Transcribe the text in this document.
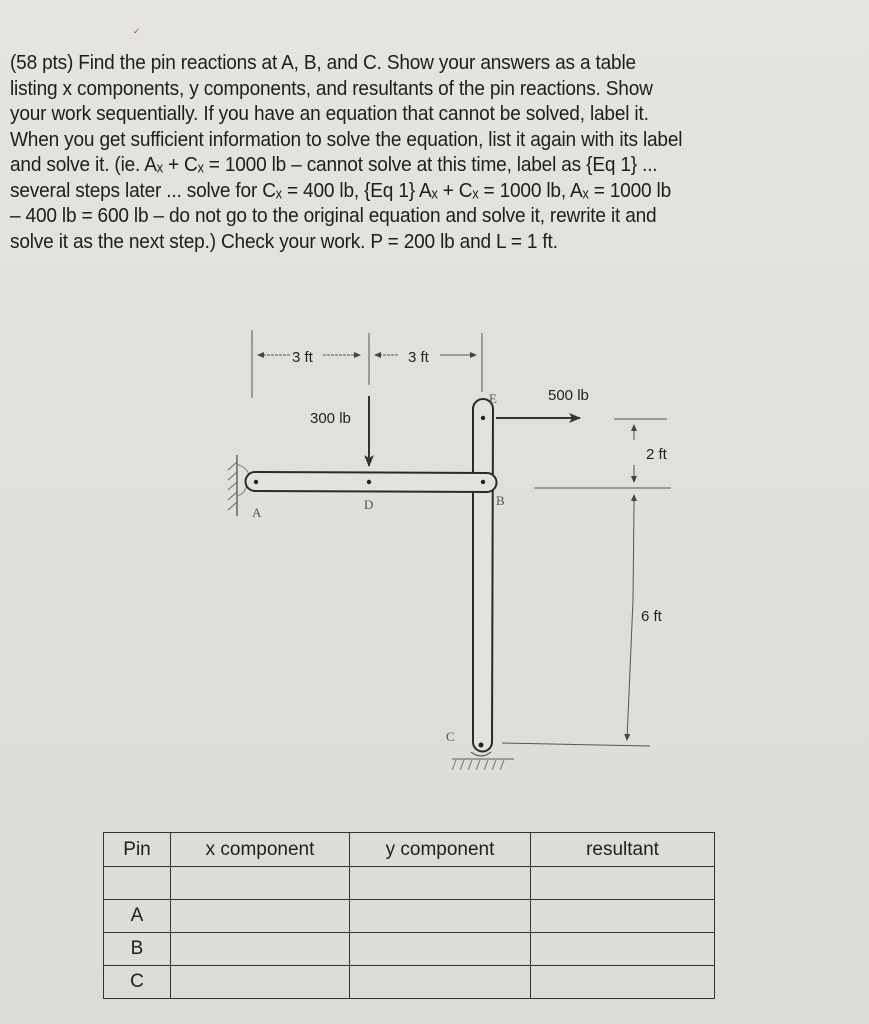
✓

(58 pts) Find the pin reactions at A, B, and C. Show your answers as a table

listing x components, y components, and resultants of the pin reactions. Show

your work sequentially. If you have an equation that cannot be solved, label it.

When you get sufficient information to solve the equation, list it again with its label

and solve it. (ie. Aₓ + Cₓ = 1000 lb – cannot solve at this time, label as {Eq 1} ...

several steps later ... solve for Cₓ = 400 lb, {Eq 1} Aₓ + Cₓ = 1000 lb, Aₓ = 1000 lb

– 400 lb = 600 lb – do not go to the original equation and solve it, rewrite it and

solve it as the next step.) Check your work. P = 200 lb and L = 1 ft.

3 ft	3 ft
300 lb
A
D	B
E
C
500 lb
2 ft
6 ft
Pin	x component	y component	resultant

A			
B			
C			
